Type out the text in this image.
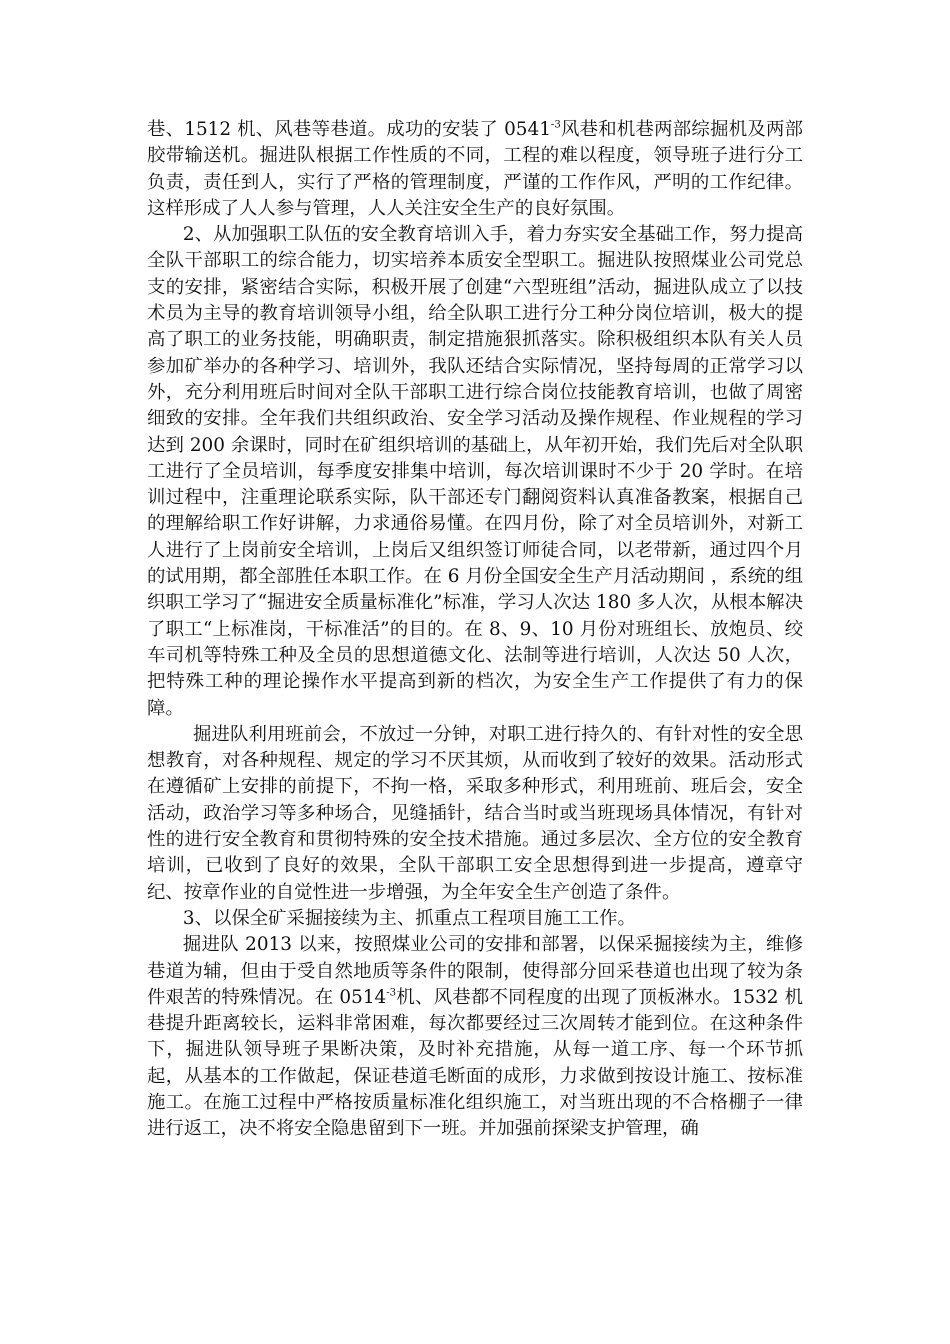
巷、1512 机、风巷等巷道。成功的安装了 $0541^{-3}$风巷和机巷两部综掘机及两部胶带输送机。掘进队根据工作性质的不同，工程的难以程度，领导班子进行分工负责，责任到人，实行了严格的管理制度，严谨的工作作风，严明的工作纪律。这样形成了人人参与管理，人人关注安全生产的良好氛围。

2、从加强职工队伍的安全教育培训入手，着力夯实安全基础工作，努力提高全队干部职工的综合能力，切实培养本质安全型职工。掘进队按照煤业公司党总支的安排，紧密结合实际，积极开展了创建“六型班组”活动，掘进队成立了以技术员为主导的教育培训领导小组，给全队职工进行分工种分岗位培训，极大的提高了职工的业务技能，明确职责，制定措施狠抓落实。除积极组织本队有关人员参加矿举办的各种学习、培训外，我队还结合实际情况，坚持每周的正常学习以外，充分利用班后时间对全队干部职工进行综合岗位技能教育培训，也做了周密细致的安排。全年我们共组织政治、安全学习活动及操作规程、作业规程的学习达到 200 余课时，同时在矿组织培训的基础上，从年初开始，我们先后对全队职工进行了全员培训，每季度安排集中培训，每次培训课时不少于 20 学时。在培训过程中，注重理论联系实际，队干部还专门翻阅资料认真准备教案，根据自己的理解给职工作好讲解，力求通俗易懂。在四月份，除了对全员培训外，对新工人进行了上岗前安全培训，上岗后又组织签订师徒合同，以老带新，通过四个月的试用期，都全部胜任本职工作。在 6 月份全国安全生产月活动期间 ，系统的组织职工学习了“掘进安全质量标准化”标准，学习人次达 180 多人次，从根本解决了职工“上标准岗，干标准活”的目的。在 8、9、10 月份对班组长、放炮员、绞车司机等特殊工种及全员的思想道德文化、法制等进行培训，人次达 50 人次，把特殊工种的理论操作水平提高到新的档次，为安全生产工作提供了有力的保障。

掘进队利用班前会，不放过一分钟，对职工进行持久的、有针对性的安全思想教育，对各种规程、规定的学习不厌其烦，从而收到了较好的效果。活动形式在遵循矿上安排的前提下，不拘一格，采取多种形式，利用班前、班后会，安全活动，政治学习等多种场合，见缝插针，结合当时或当班现场具体情况，有针对性的进行安全教育和贯彻特殊的安全技术措施。通过多层次、全方位的安全教育培训，已收到了良好的效果，全队干部职工安全思想得到进一步提高，遵章守纪、按章作业的自觉性进一步增强，为全年安全生产创造了条件。

3、以保全矿采掘接续为主、抓重点工程项目施工工作。

掘进队 2013 以来，按照煤业公司的安排和部署，以保采掘接续为主，维修巷道为辅，但由于受自然地质等条件的限制，使得部分回采巷道也出现了较为条件艰苦的特殊情况。在 $0514^{-3}$机、风巷都不同程度的出现了顶板淋水。1532 机巷提升距离较长，运料非常困难，每次都要经过三次周转才能到位。在这种条件下，掘进队领导班子果断决策，及时补充措施，从每一道工序、每一个环节抓起，从基本的工作做起，保证巷道毛断面的成形，力求做到按设计施工、按标准施工。在施工过程中严格按质量标准化组织施工，对当班出现的不合格棚子一律进行返工，决不将安全隐患留到下一班。并加强前探梁支护管理，确
